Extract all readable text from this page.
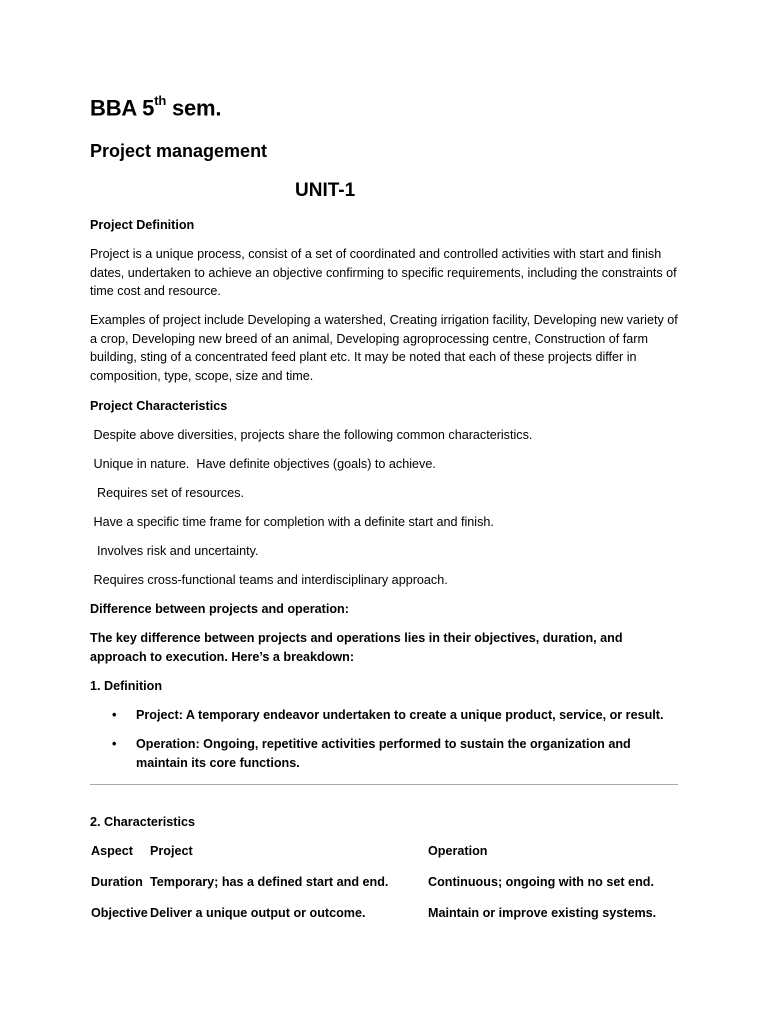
BBA 5th sem.
Project management
UNIT-1

Project Definition

Project is a unique process, consist of a set of coordinated and controlled activities with start and finish dates, undertaken to achieve an objective confirming to specific requirements, including the constraints of time cost and resource.

Examples of project include Developing a watershed, Creating irrigation facility, Developing new variety of a crop, Developing new breed of an animal, Developing agroprocessing centre, Construction of farm building, sting of a concentrated feed plant etc. It may be noted that each of these projects differ in composition, type, scope, size and time.

Project Characteristics

Despite above diversities, projects share the following common characteristics.

Unique in nature.  Have definite objectives (goals) to achieve.

Requires set of resources.

Have a specific time frame for completion with a definite start and finish.

Involves risk and uncertainty.

Requires cross-functional teams and interdisciplinary approach.

Difference between projects and operation:

The key difference between projects and operations lies in their objectives, duration, and approach to execution. Here’s a breakdown:

1. Definition

• Project: A temporary endeavor undertaken to create a unique product, service, or result.
• Operation: Ongoing, repetitive activities performed to sustain the organization and maintain its core functions.

2. Characteristics

Aspect Project	Operation
Duration Temporary; has a defined start and end.	Continuous; ongoing with no set end.
Objective Deliver a unique output or outcome.	Maintain or improve existing systems.
